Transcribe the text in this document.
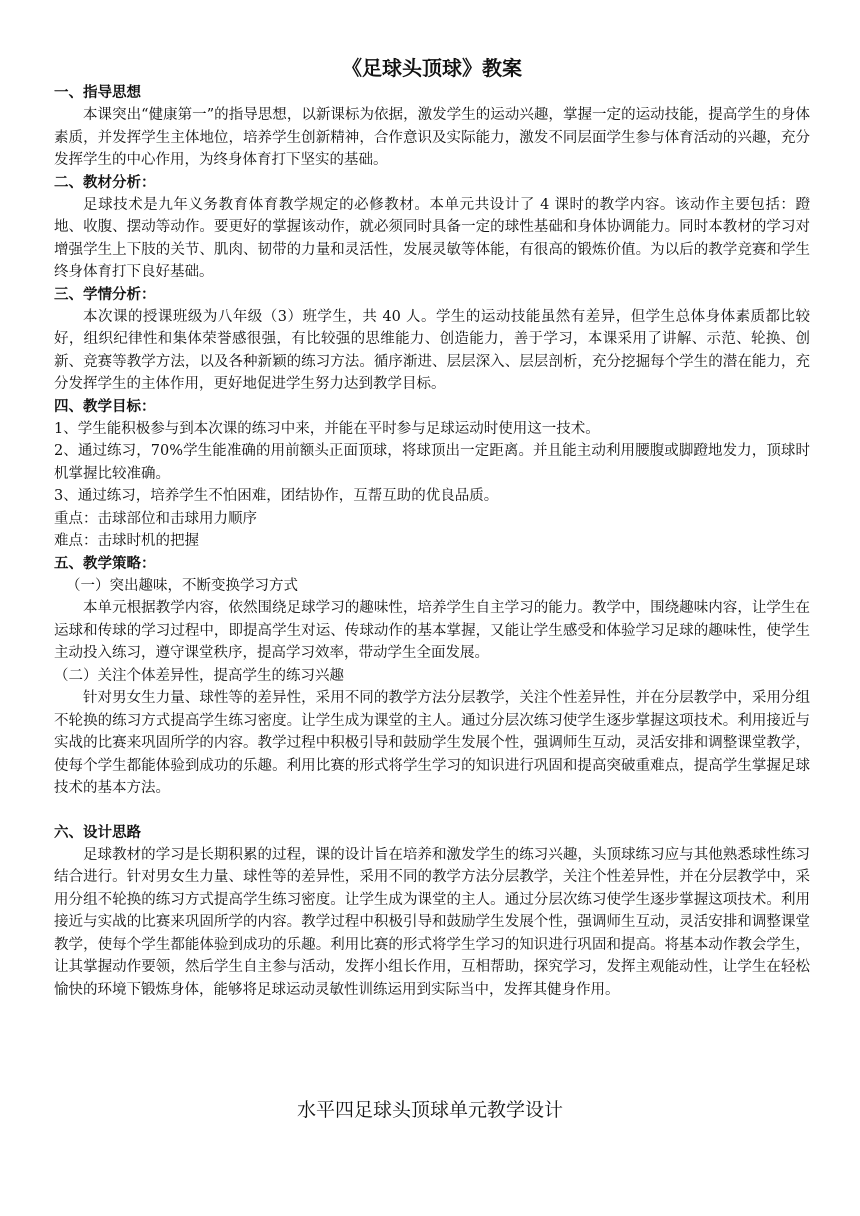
《足球头顶球》教案

一、指导思想

本课突出“健康第一”的指导思想，以新课标为依据，激发学生的运动兴趣，掌握一定的运动技能，提高学生的身体素质，并发挥学生主体地位，培养学生创新精神，合作意识及实际能力，激发不同层面学生参与体育活动的兴趣，充分发挥学生的中心作用，为终身体育打下坚实的基础。

二、教材分析：

足球技术是九年义务教育体育教学规定的必修教材。本单元共设计了 4 课时的教学内容。该动作主要包括：蹬地、收腹、摆动等动作。要更好的掌握该动作，就必须同时具备一定的球性基础和身体协调能力。同时本教材的学习对增强学生上下肢的关节、肌肉、韧带的力量和灵活性，发展灵敏等体能，有很高的锻炼价值。为以后的教学竞赛和学生终身体育打下良好基础。

三、学情分析：

本次课的授课班级为八年级（3）班学生，共 40 人。学生的运动技能虽然有差异，但学生总体身体素质都比较好，组织纪律性和集体荣誉感很强，有比较强的思维能力、创造能力，善于学习，本课采用了讲解、示范、轮换、创新、竞赛等教学方法，以及各种新颖的练习方法。循序渐进、层层深入、层层剖析，充分挖掘每个学生的潜在能力，充分发挥学生的主体作用，更好地促进学生努力达到教学目标。

四、教学目标：

1、学生能积极参与到本次课的练习中来，并能在平时参与足球运动时使用这一技术。

2、通过练习，70%学生能准确的用前额头正面顶球，将球顶出一定距离。并且能主动利用腰腹或脚蹬地发力，顶球时机掌握比较准确。

3、通过练习，培养学生不怕困难，团结协作，互帮互助的优良品质。

重点：击球部位和击球用力顺序

难点：击球时机的把握

五、教学策略：

（一）突出趣味，不断变换学习方式

本单元根据教学内容，依然围绕足球学习的趣味性，培养学生自主学习的能力。教学中，围绕趣味内容，让学生在运球和传球的学习过程中，即提高学生对运、传球动作的基本掌握，又能让学生感受和体验学习足球的趣味性，使学生主动投入练习，遵守课堂秩序，提高学习效率，带动学生全面发展。

（二）关注个体差异性，提高学生的练习兴趣

针对男女生力量、球性等的差异性，采用不同的教学方法分层教学，关注个性差异性，并在分层教学中，采用分组不轮换的练习方式提高学生练习密度。让学生成为课堂的主人。通过分层次练习使学生逐步掌握这项技术。利用接近与实战的比赛来巩固所学的内容。教学过程中积极引导和鼓励学生发展个性，强调师生互动，灵活安排和调整课堂教学，使每个学生都能体验到成功的乐趣。利用比赛的形式将学生学习的知识进行巩固和提高突破重难点，提高学生掌握足球技术的基本方法。

六、设计思路

足球教材的学习是长期积累的过程，课的设计旨在培养和激发学生的练习兴趣，头顶球练习应与其他熟悉球性练习结合进行。针对男女生力量、球性等的差异性，采用不同的教学方法分层教学，关注个性差异性，并在分层教学中，采用分组不轮换的练习方式提高学生练习密度。让学生成为课堂的主人。通过分层次练习使学生逐步掌握这项技术。利用接近与实战的比赛来巩固所学的内容。教学过程中积极引导和鼓励学生发展个性，强调师生互动，灵活安排和调整课堂教学，使每个学生都能体验到成功的乐趣。利用比赛的形式将学生学习的知识进行巩固和提高。将基本动作教会学生，让其掌握动作要领，然后学生自主参与活动，发挥小组长作用，互相帮助，探究学习，发挥主观能动性，让学生在轻松愉快的环境下锻炼身体，能够将足球运动灵敏性训练运用到实际当中，发挥其健身作用。

水平四足球头顶球单元教学设计
